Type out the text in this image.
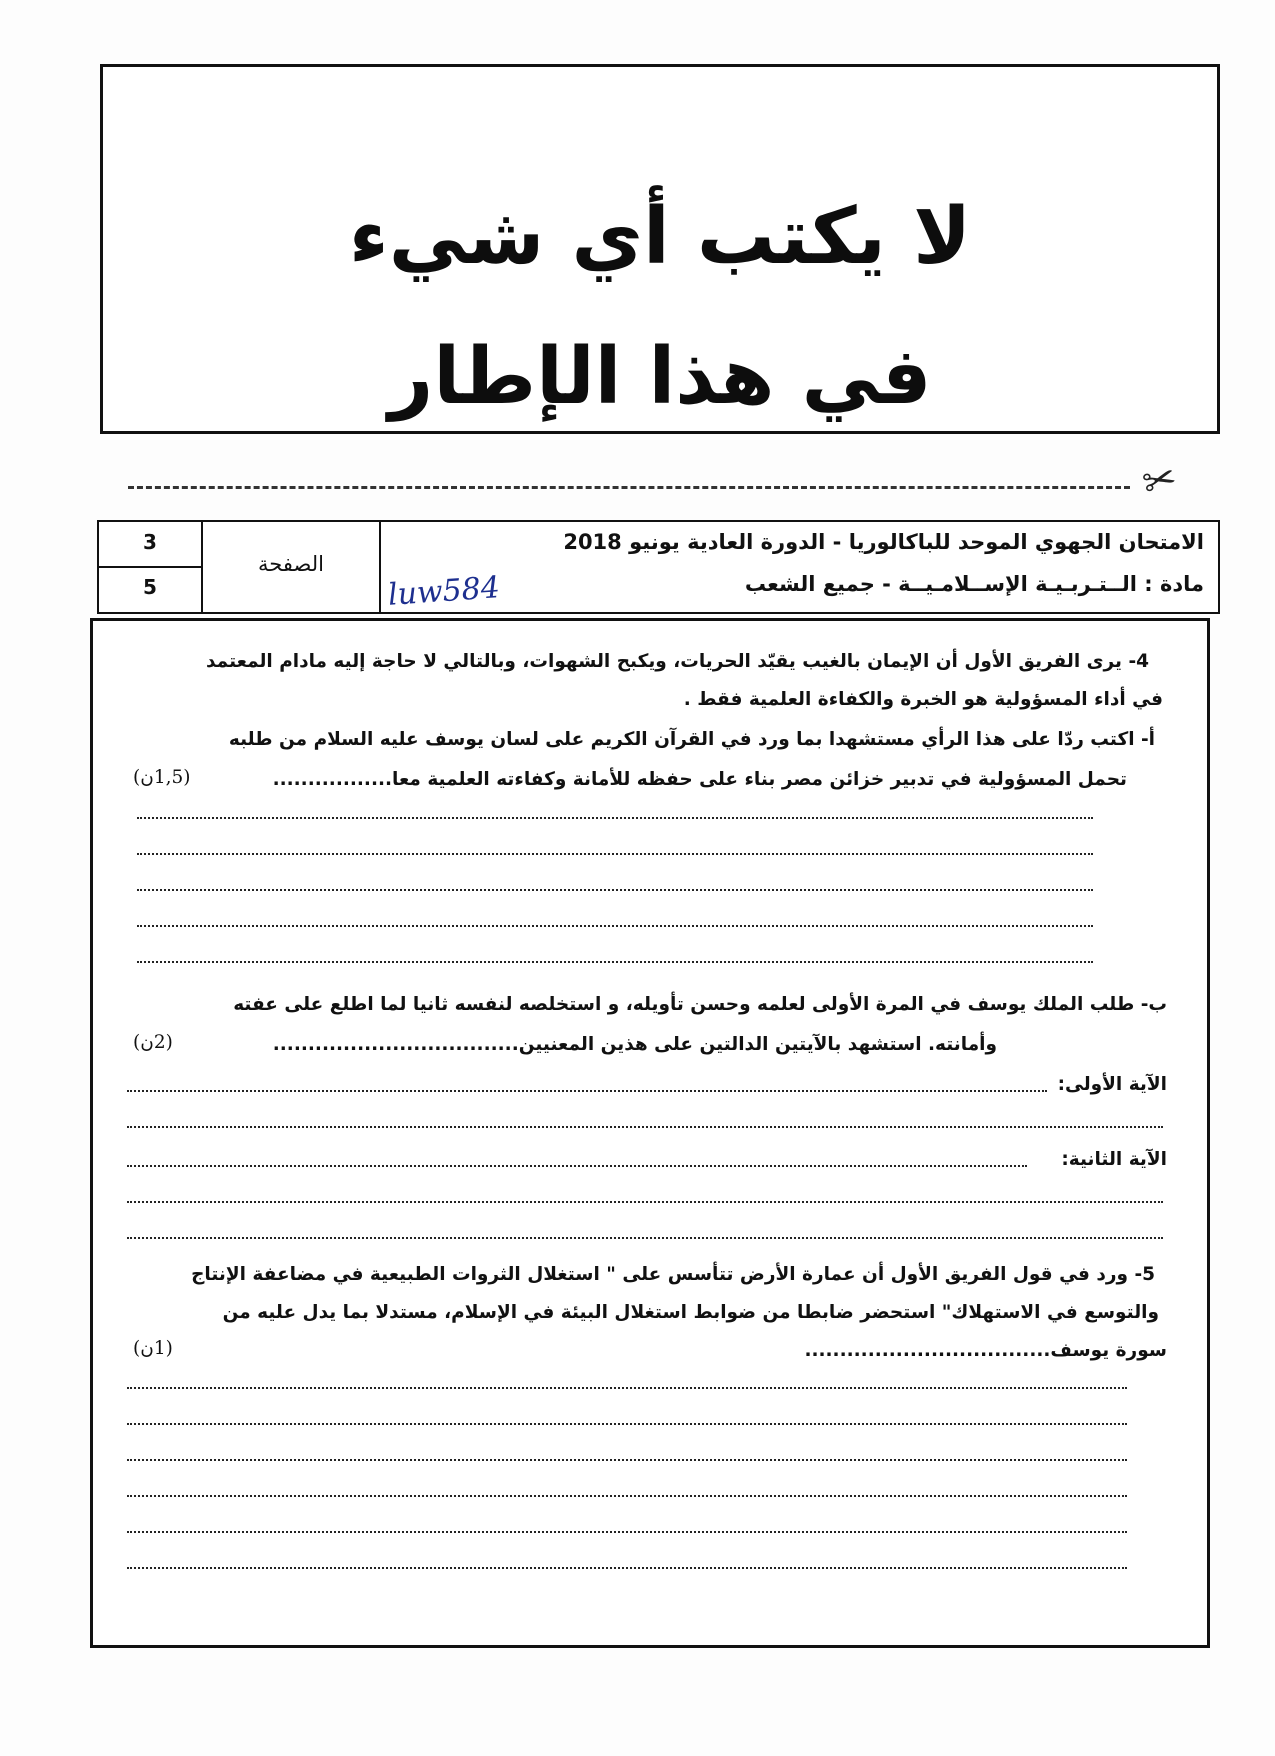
لا يكتب أي شيء
في هذا الإطار
✂
3
5
الصفحة
الامتحان الجهوي الموحد للباكالوريا - الدورة العادية يونيو 2018
مادة : الــتـربـيـة الإســلامـيــة - جميع الشعب
luw584
4- يرى الفريق الأول أن الإيمان بالغيب يقيّد الحريات، ويكبح الشهوات، وبالتالي لا حاجة إليه مادام المعتمد
في أداء المسؤولية هو الخبرة والكفاءة العلمية فقط .
أ- اكتب ردّا على هذا الرأي مستشهدا بما ورد في القرآن الكريم على لسان يوسف عليه السلام من طلبه
تحمل المسؤولية في تدبير خزائن مصر بناء على حفظه للأمانة وكفاءته العلمية معا.................
(1,5ن)
ب- طلب الملك يوسف في المرة الأولى لعلمه وحسن تأويله، و استخلصه لنفسه ثانيا لما اطلع على عفته
وأمانته. استشهد بالآيتين الدالتين على هذين المعنيين...................................
(2ن)
الآية الأولى:
الآية الثانية:
5- ورد في قول الفريق الأول أن عمارة الأرض تتأسس على " استغلال الثروات الطبيعية في مضاعفة الإنتاج
والتوسع في الاستهلاك" استحضر ضابطا من ضوابط استغلال البيئة في الإسلام، مستدلا بما يدل عليه من
سورة يوسف...................................
(1ن)
